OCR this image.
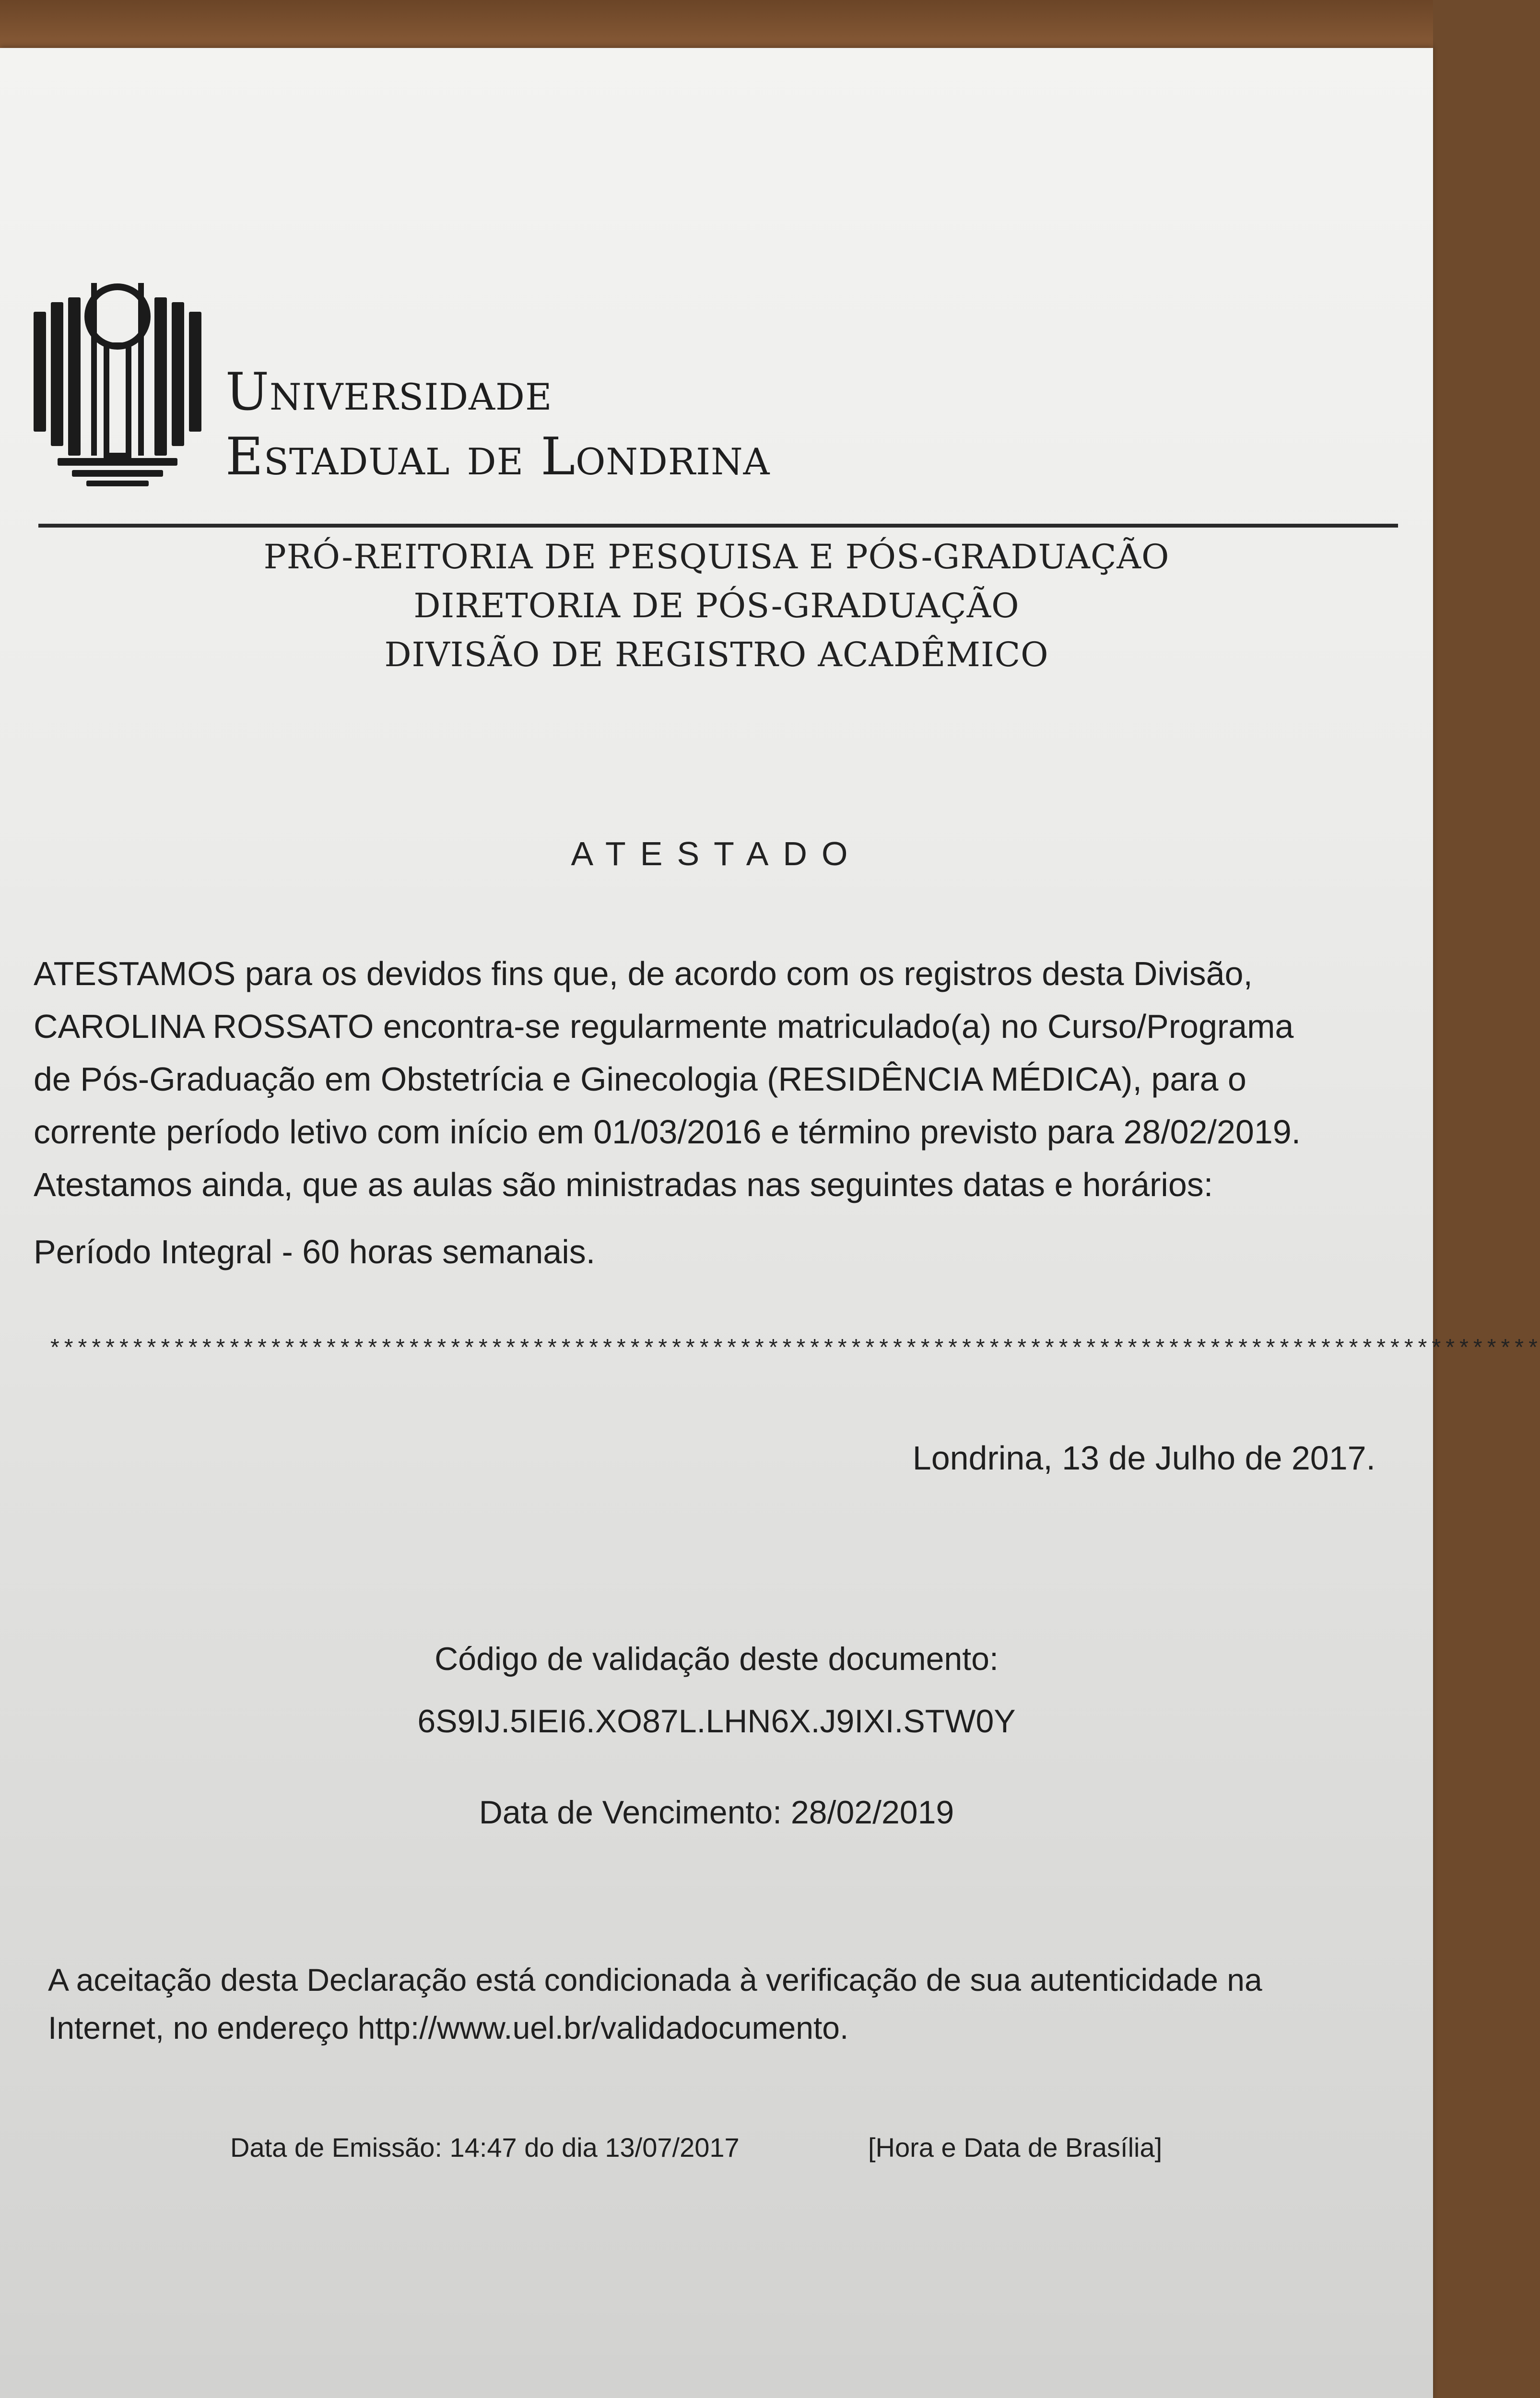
Universidade
Estadual de Londrina
PRÓ-REITORIA DE PESQUISA E PÓS-GRADUAÇÃO
DIRETORIA DE PÓS-GRADUAÇÃO
DIVISÃO DE REGISTRO ACADÊMICO
ATESTADO
ATESTAMOS para os devidos fins que, de acordo com os registros desta Divisão,
CAROLINA ROSSATO encontra-se regularmente matriculado(a) no Curso/Programa
de Pós-Graduação em Obstetrícia e Ginecologia (RESIDÊNCIA MÉDICA), para o
corrente período letivo com início em 01/03/2016 e término previsto para 28/02/2019.
Atestamos ainda, que as aulas são ministradas nas seguintes datas e horários:
Período Integral - 60 horas semanais.
************************************************************************************************************
Londrina, 13 de Julho de 2017.
Código de validação deste documento:
6S9IJ.5IEI6.XO87L.LHN6X.J9IXI.STW0Y
Data de Vencimento: 28/02/2019
A aceitação desta Declaração está condicionada à verificação de sua autenticidade na
Internet, no endereço http://www.uel.br/validadocumento.
Data de Emissão: 14:47 do dia 13/07/2017	[Hora e Data de Brasília]
